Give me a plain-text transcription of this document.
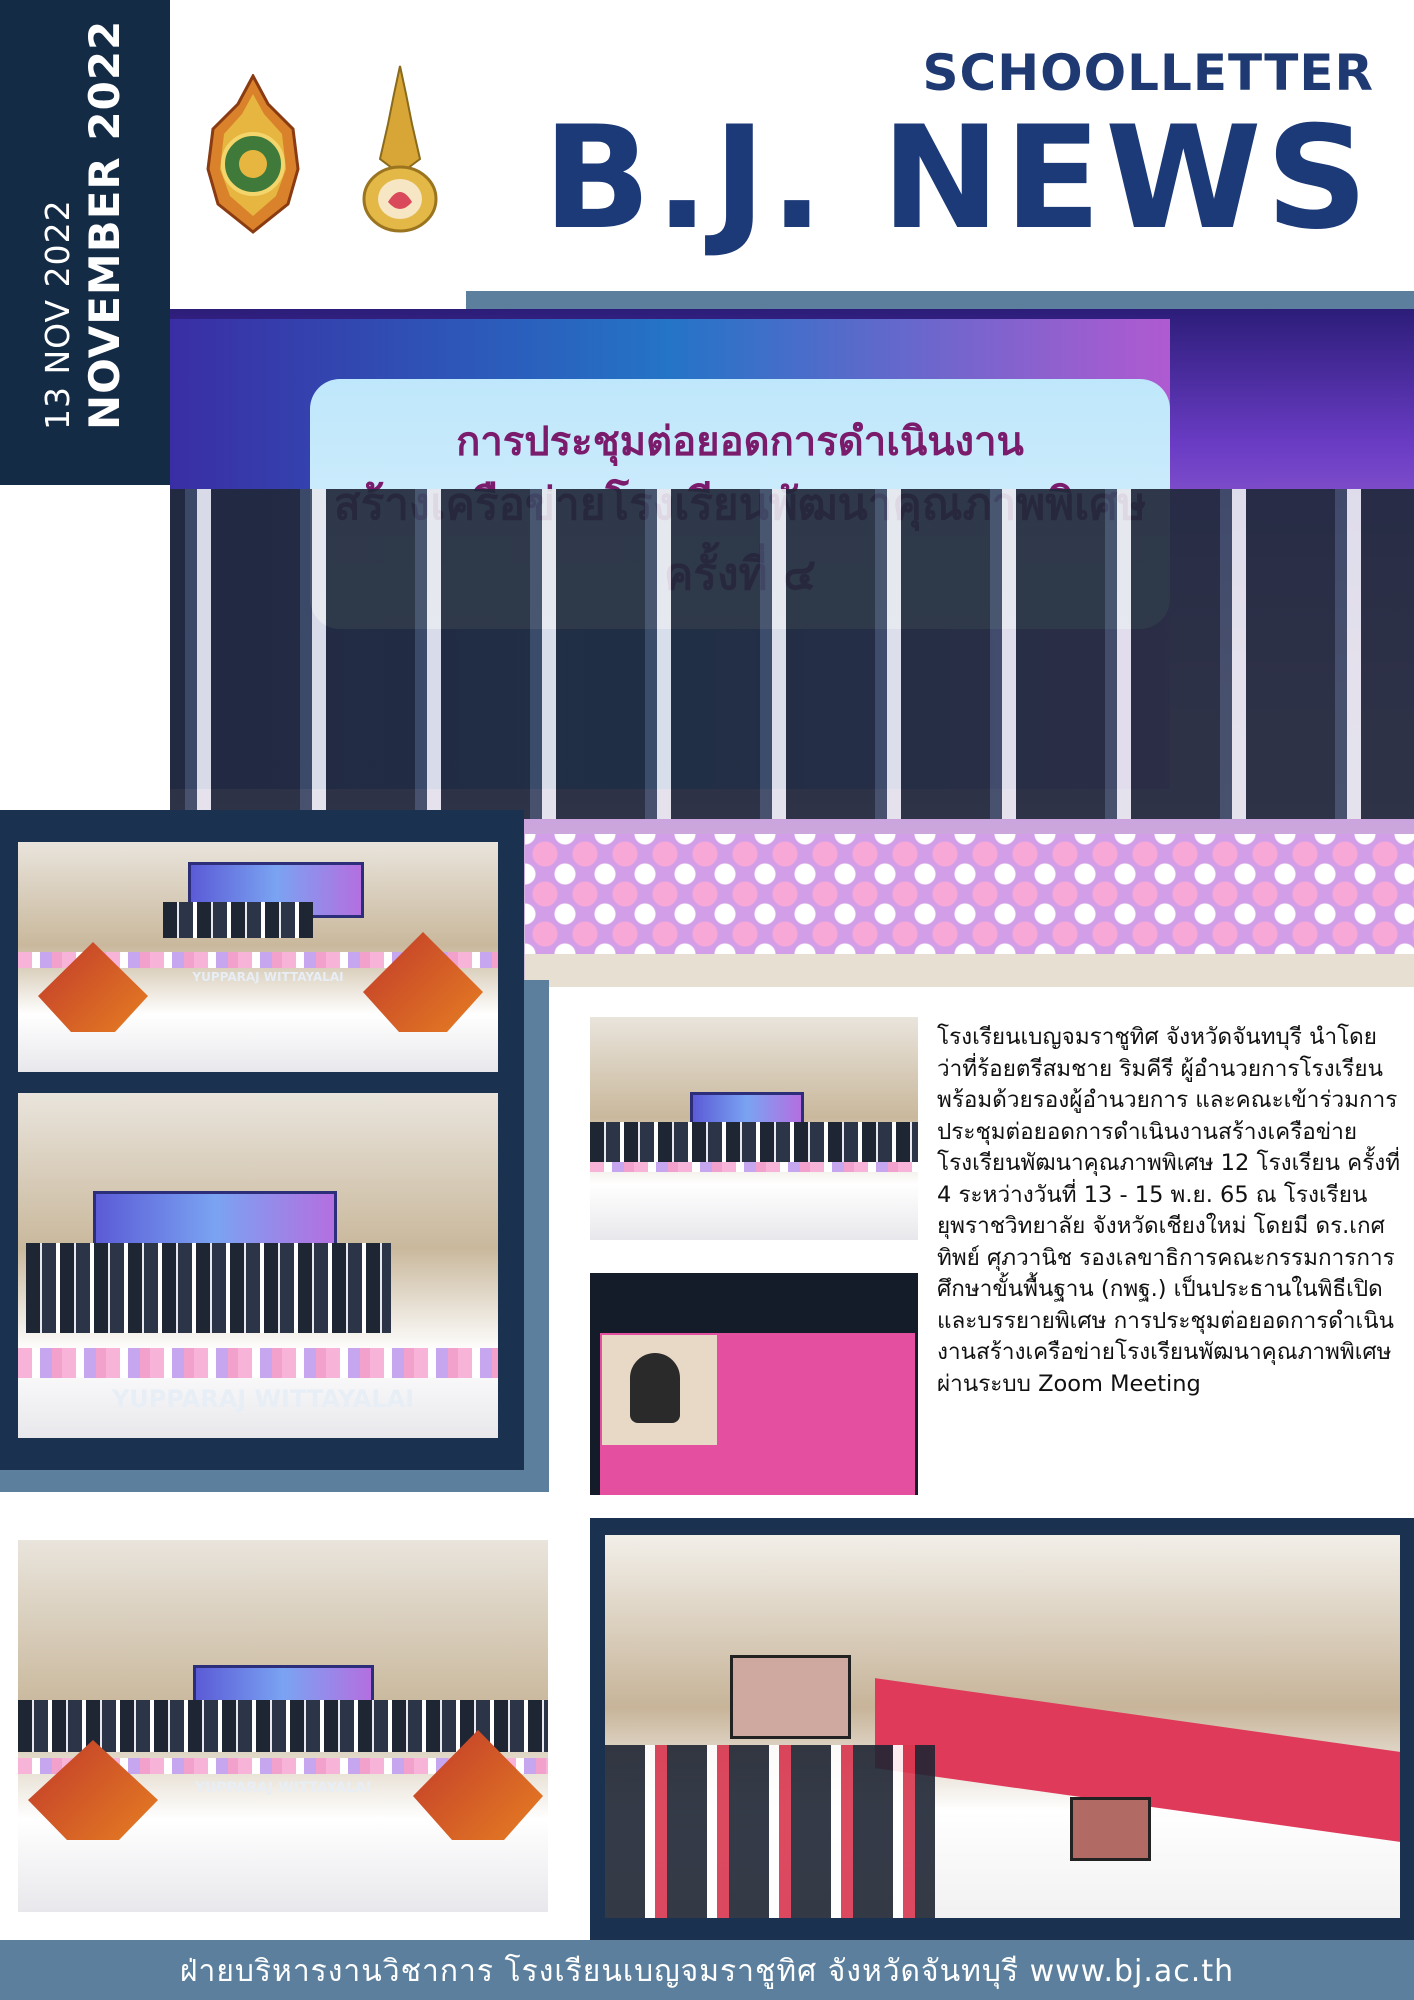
13 NOV 2022 NOVEMBER 2022	SCHOOLLETTER
B.J. NEWS
การประชุมต่อยอดการดำเนินงาน
YUPPARAJ WITTAYALAI
YUPPARAJ WITTAYALAI
YUPPARAJ WITTAYALAI
โรงเรียนเบญจมราชูทิศ จังหวัดจันทบุรี นำโดย ว่าที่ร้อยตรีสมชาย ริมคีรี ผู้อำนวยการโรงเรียน พร้อมด้วยรองผู้อำนวยการ และคณะเข้าร่วมการประชุมต่อยอดการดำเนินงานสร้างเครือข่ายโรงเรียนพัฒนาคุณภาพพิเศษ 12 โรงเรียน ครั้งที่ 4 ระหว่างวันที่ 13 - 15 พ.ย. 65 ณ โรงเรียนยุพราชวิทยาลัย จังหวัดเชียงใหม่ โดยมี ดร.เกศทิพย์ ศุภวานิช รองเลขาธิการคณะกรรมการการศึกษาขั้นพื้นฐาน (กพฐ.) เป็นประธานในพิธีเปิดและบรรยายพิเศษ การประชุมต่อยอดการดำเนินงานสร้างเครือข่ายโรงเรียนพัฒนาคุณภาพพิเศษ ผ่านระบบ Zoom Meeting
ฝ่ายบริหารงานวิชาการ โรงเรียนเบญจมราชูทิศ จังหวัดจันทบุรี www.bj.ac.th
